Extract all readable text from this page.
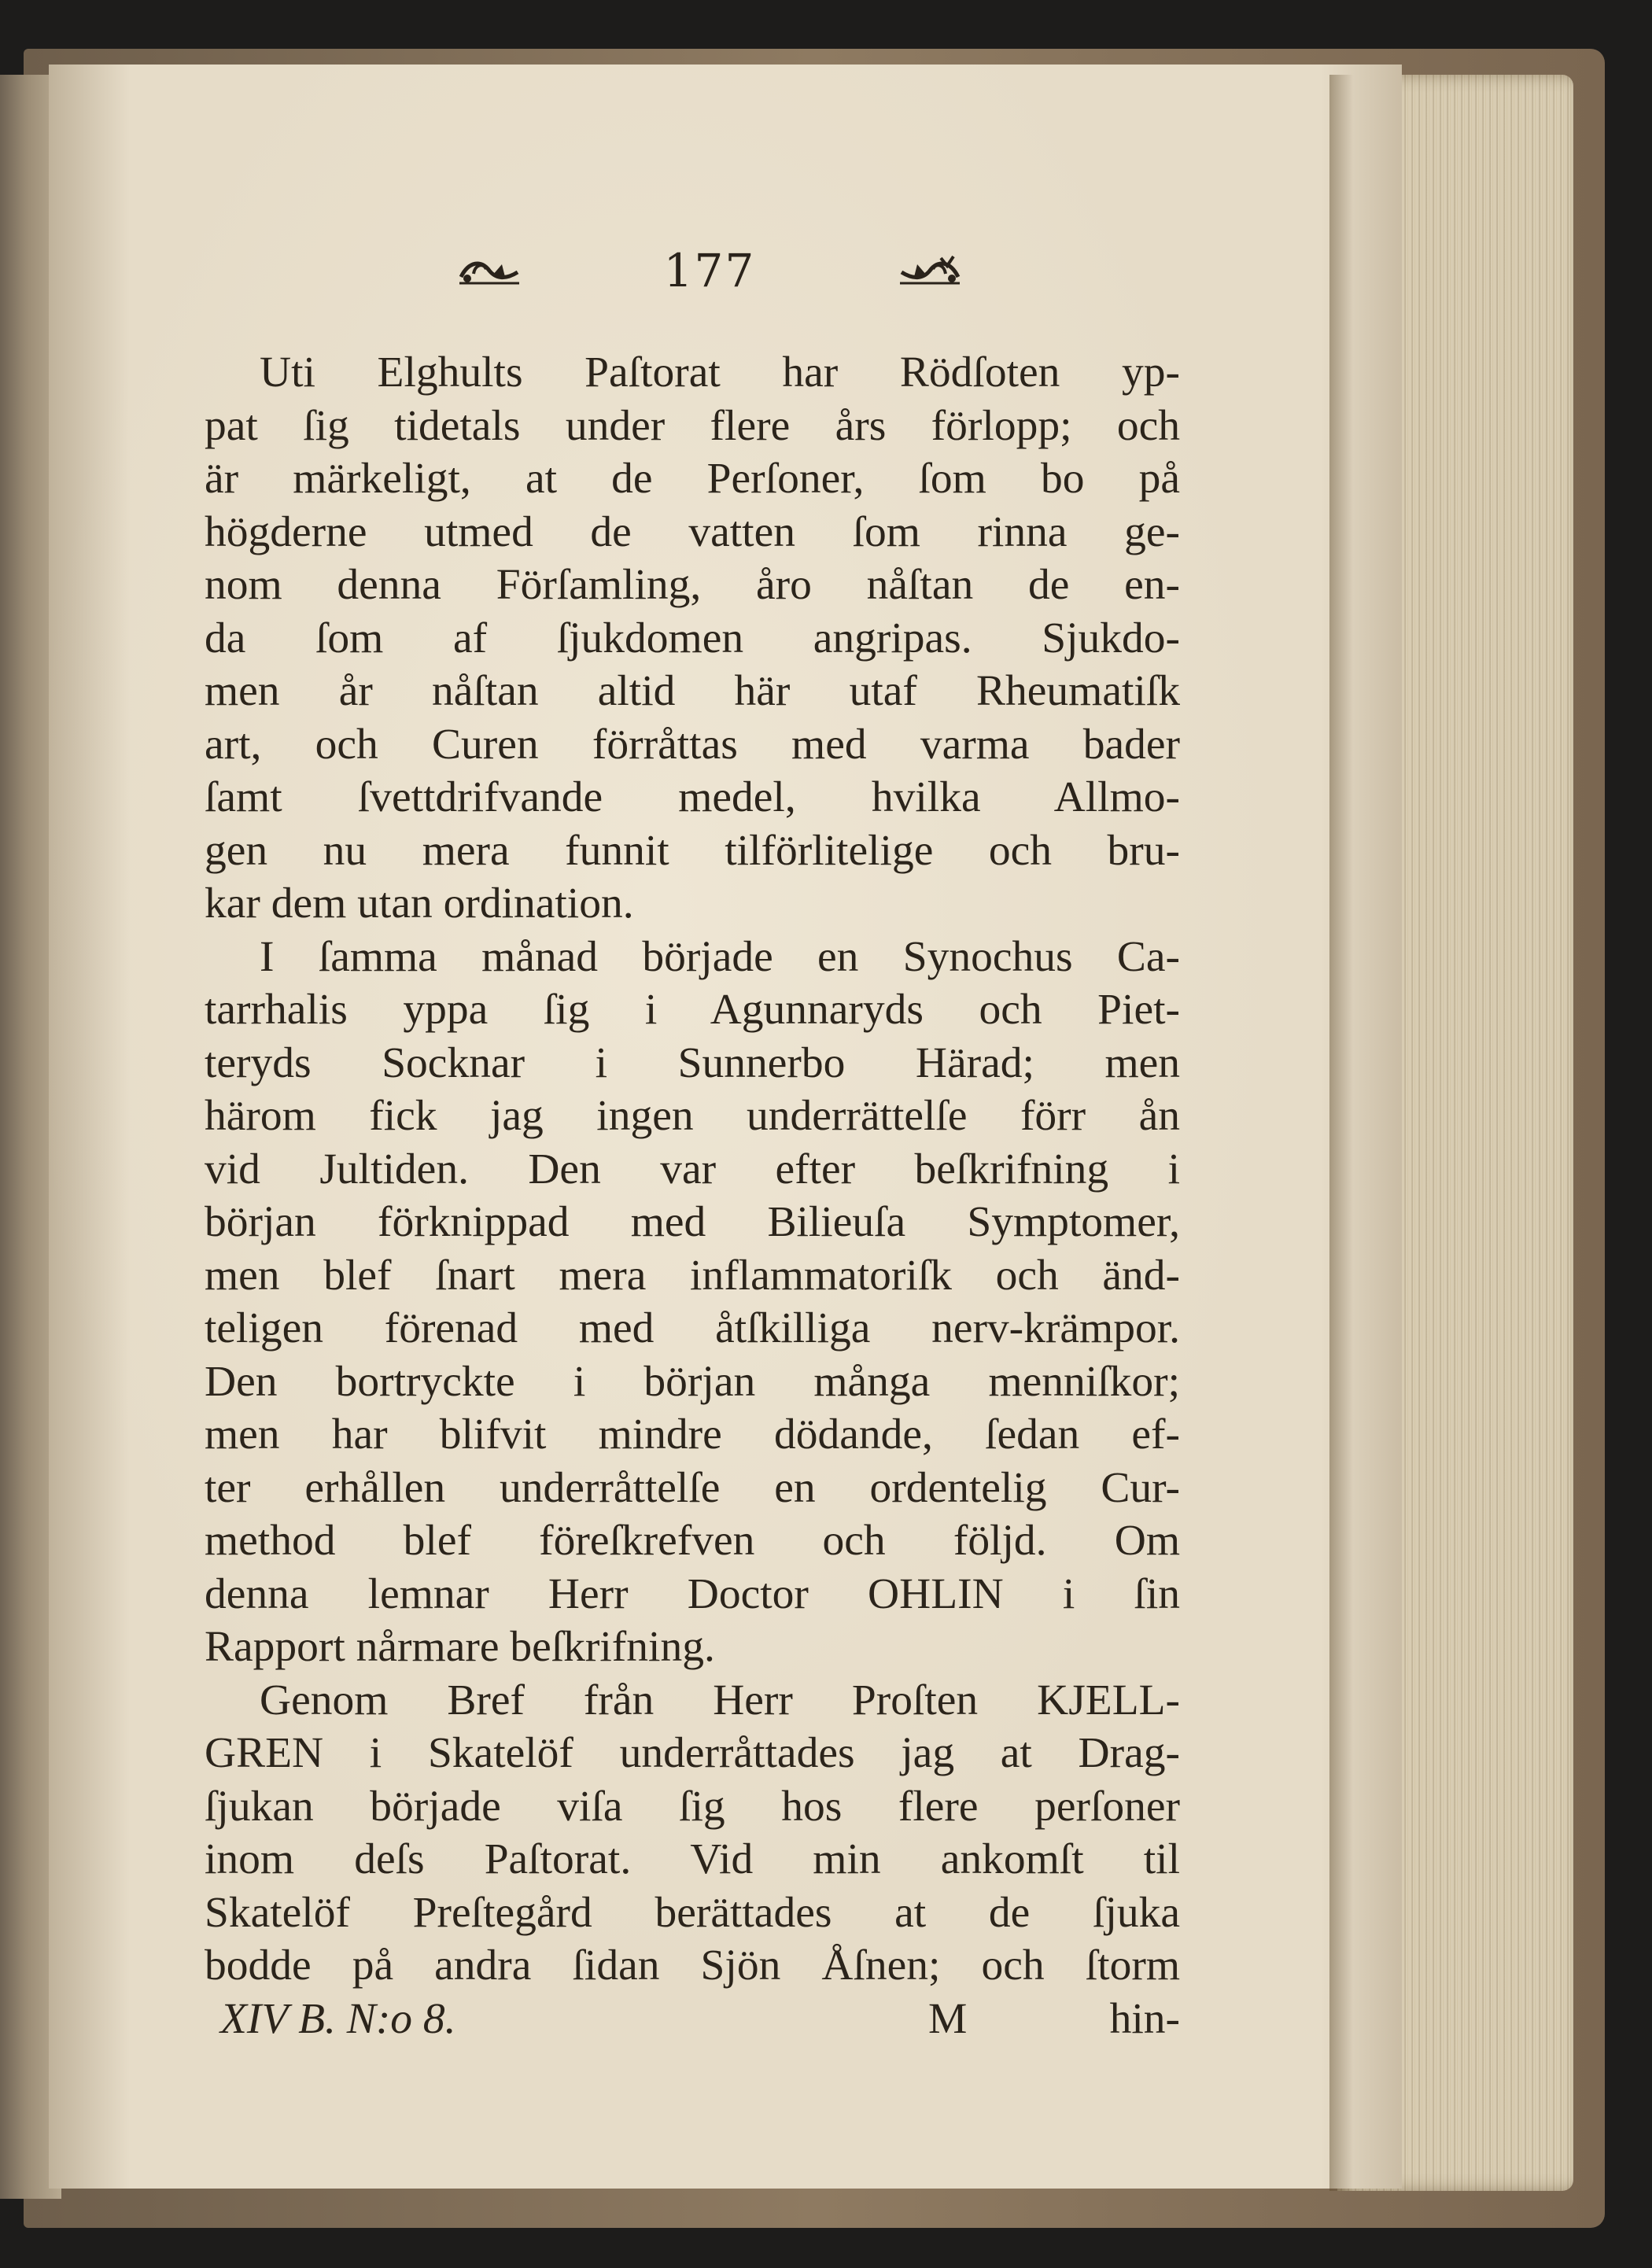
177
Uti Elghults Paſtorat har Rödſoten yp-
pat ſig tidetals under flere års förlopp; och
är märkeligt, at de Perſoner, ſom bo på
högderne utmed de vatten ſom rinna ge-
nom denna Förſamling, åro nåſtan de en-
da ſom af ſjukdomen angripas. Sjukdo-
men år nåſtan altid här utaf Rheumatiſk
art, och Curen förråttas med varma bader
ſamt ſvettdrifvande medel, hvilka Allmo-
gen nu mera funnit tilförlitelige och bru-
kar dem utan ordination.
I ſamma månad började en Synochus Ca-
tarrhalis yppa ſig i Agunnaryds och Piet-
teryds Socknar i Sunnerbo Härad; men
härom fick jag ingen underrättelſe förr ån
vid Jultiden. Den var efter beſkrifning i
början förknippad med Bilieuſa Symptomer,
men blef ſnart mera inflammatoriſk och änd-
teligen förenad med åtſkilliga nerv-krämpor.
Den bortryckte i början många menniſkor;
men har blifvit mindre dödande, ſedan ef-
ter erhållen underråttelſe en ordentelig Cur-
method blef föreſkrefven och följd. Om
denna lemnar Herr Doctor OHLIN i ſin
Rapport nårmare beſkrifning.
Genom Bref från Herr Proſten KJELL-
GREN i Skatelöf underråttades jag at Drag-
ſjukan började viſa ſig hos flere perſoner
inom deſs Paſtorat. Vid min ankomſt til
Skatelöf Preſtegård berättades at de ſjuka
bodde på andra ſidan Sjön Åſnen; och ſtorm
XIV B. N:o 8.	M	hin-
